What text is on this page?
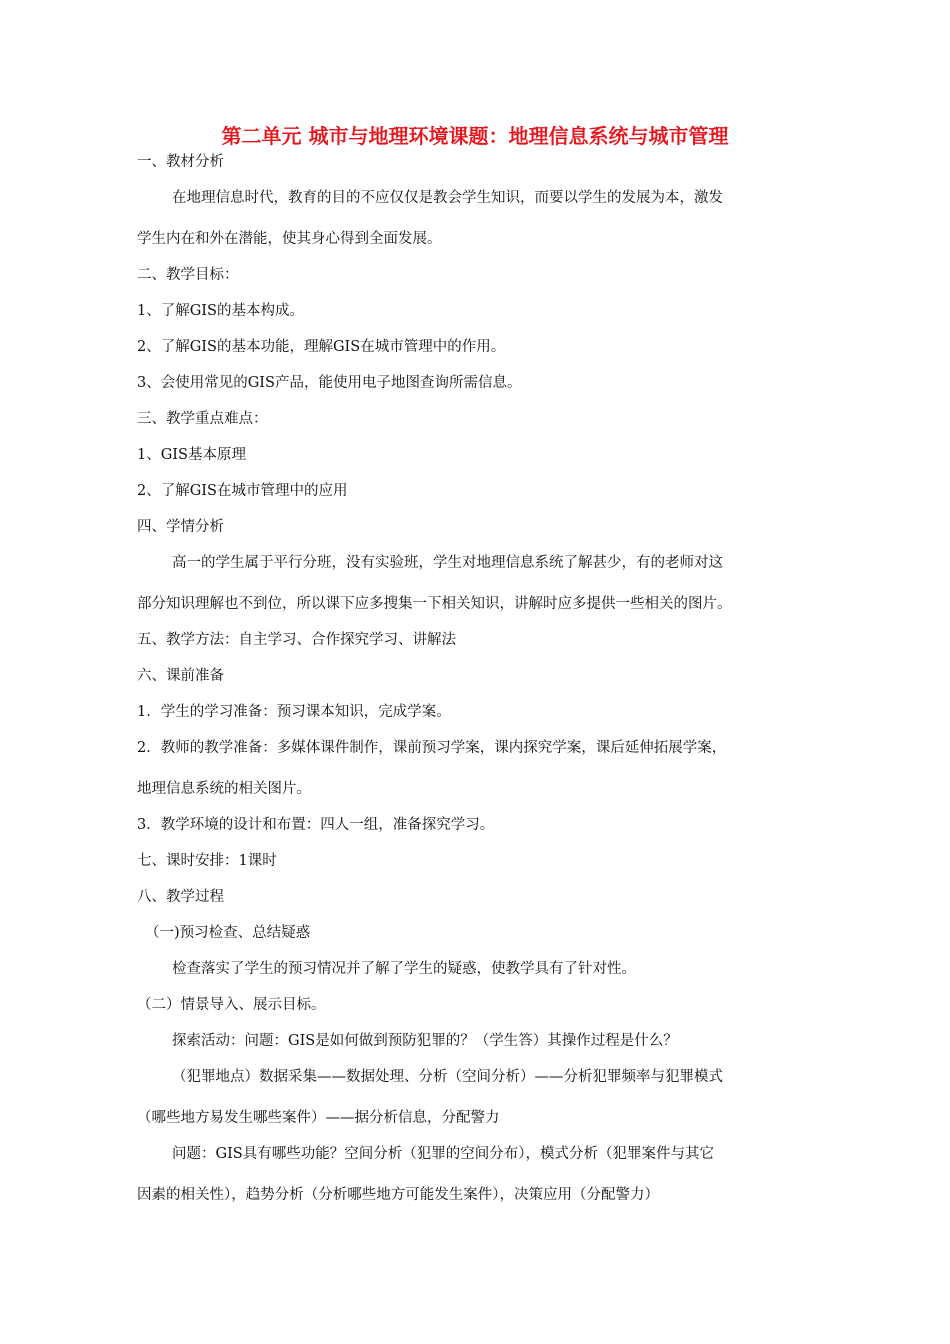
第二单元 城市与地理环境课题：地理信息系统与城市管理
一、教材分析
在地理信息时代，教育的目的不应仅仅是教会学生知识，而要以学生的发展为本，激发
学生内在和外在潜能，使其身心得到全面发展。
二、教学目标：
1、了解GIS的基本构成。
2、了解GIS的基本功能，理解GIS在城市管理中的作用。
3、会使用常见的GIS产品，能使用电子地图查询所需信息。
三、教学重点难点：
1、GIS基本原理
2、了解GIS在城市管理中的应用
四、学情分析
高一的学生属于平行分班，没有实验班，学生对地理信息系统了解甚少，有的老师对这
部分知识理解也不到位，所以课下应多搜集一下相关知识，讲解时应多提供一些相关的图片。
五、教学方法：自主学习、合作探究学习、讲解法
六、课前准备
1．学生的学习准备：预习课本知识，完成学案。
2．教师的教学准备：多媒体课件制作，课前预习学案，课内探究学案，课后延伸拓展学案，
地理信息系统的相关图片。
3．教学环境的设计和布置：四人一组，准备探究学习。
七、课时安排：1课时
八、教学过程
（一)预习检查、总结疑惑
检查落实了学生的预习情况并了解了学生的疑惑，使教学具有了针对性。
（二）情景导入、展示目标。
探索活动：问题：GIS是如何做到预防犯罪的？（学生答）其操作过程是什么？
（犯罪地点）数据采集——数据处理、分析（空间分析）——分析犯罪频率与犯罪模式
（哪些地方易发生哪些案件）——据分析信息，分配警力
问题：GIS具有哪些功能？空间分析（犯罪的空间分布），模式分析（犯罪案件与其它
因素的相关性），趋势分析（分析哪些地方可能发生案件），决策应用（分配警力）
